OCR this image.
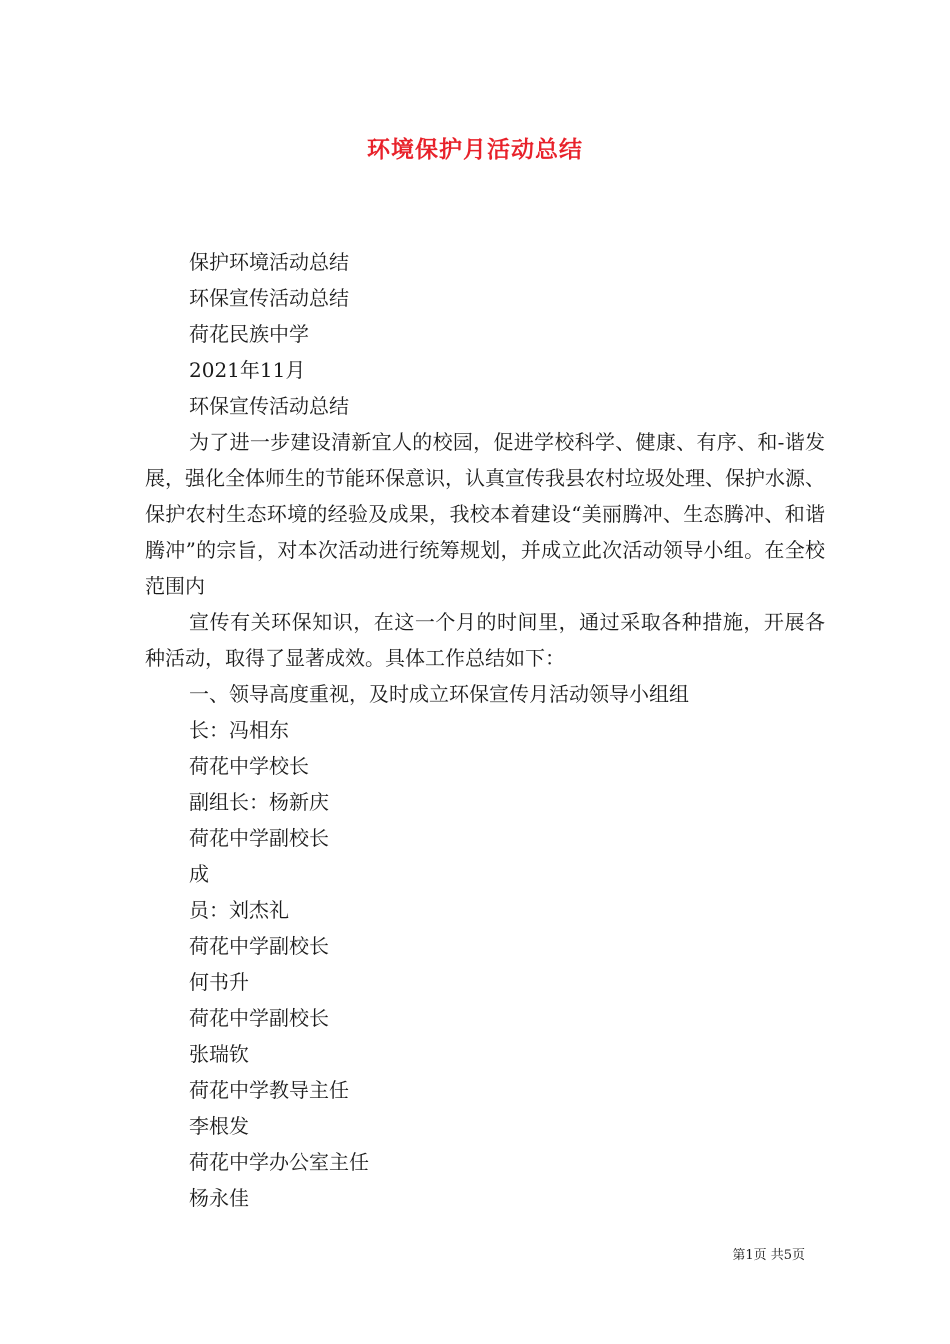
环境保护月活动总结
保护环境活动总结
环保宣传活动总结
荷花民族中学
2021年11月
环保宣传活动总结
为了进一步建设清新宜人的校园，促进学校科学、健康、有序、和-谐发展，强化全体师生的节能环保意识，认真宣传我县农村垃圾处理、保护水源、保护农村生态环境的经验及成果，我校本着建设“美丽腾冲、生态腾冲、和谐腾冲”的宗旨，对本次活动进行统筹规划，并成立此次活动领导小组。在全校范围内
宣传有关环保知识，在这一个月的时间里，通过采取各种措施，开展各种活动，取得了显著成效。具体工作总结如下：
一、领导高度重视，及时成立环保宣传月活动领导小组组
长：冯相东
荷花中学校长
副组长：杨新庆
荷花中学副校长
成
员：刘杰礼
荷花中学副校长
何书升
荷花中学副校长
张瑞钦
荷花中学教导主任
李根发
荷花中学办公室主任
杨永佳
第1页 共5页
